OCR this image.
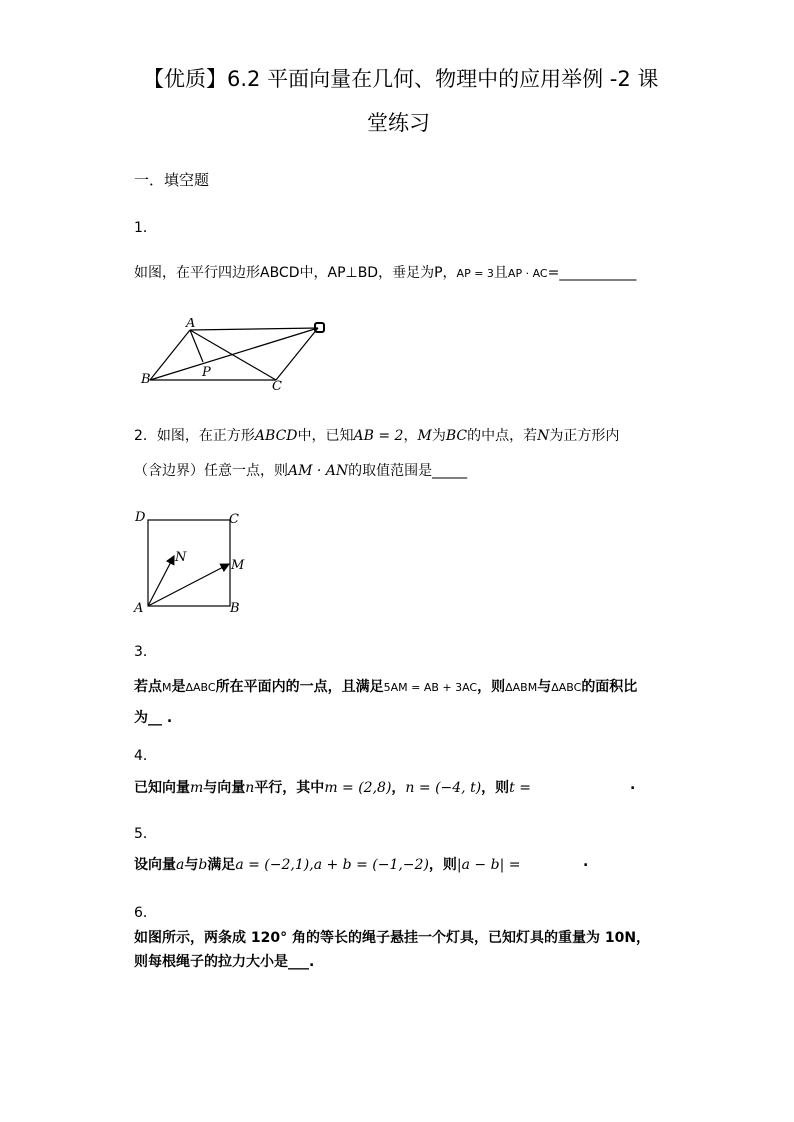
【优质】6.2 平面向量在几何、物理中的应用举例 -2 课
堂练习
一．填空题
1．
如图，在平行四边形ABCD中，AP⊥BD，垂足为P，AP = 3且AP · AC=___________
A
B	C
P
2．如图，在正方形ABCD中，已知AB = 2，M为BC的中点，若N为正方形内
（含边界）任意一点，则AM · AN的取值范围是_____
D	C
N
M
A	B
3．
若点M是ΔABC所在平面内的一点，且满足5AM = AB + 3AC，则ΔABM与ΔABC的面积比
为__ .
4．
已知向量m与向量n平行，其中m = (2,8)，n = (−4, t)，则t =	.
5．
设向量a与b满足a = (−2,1),a + b = (−1,−2)，则|a − b| =	.
6．
如图所示，两条成 120° 角的等长的绳子悬挂一个灯具，已知灯具的重量为 10N，
则每根绳子的拉力大小是___.
